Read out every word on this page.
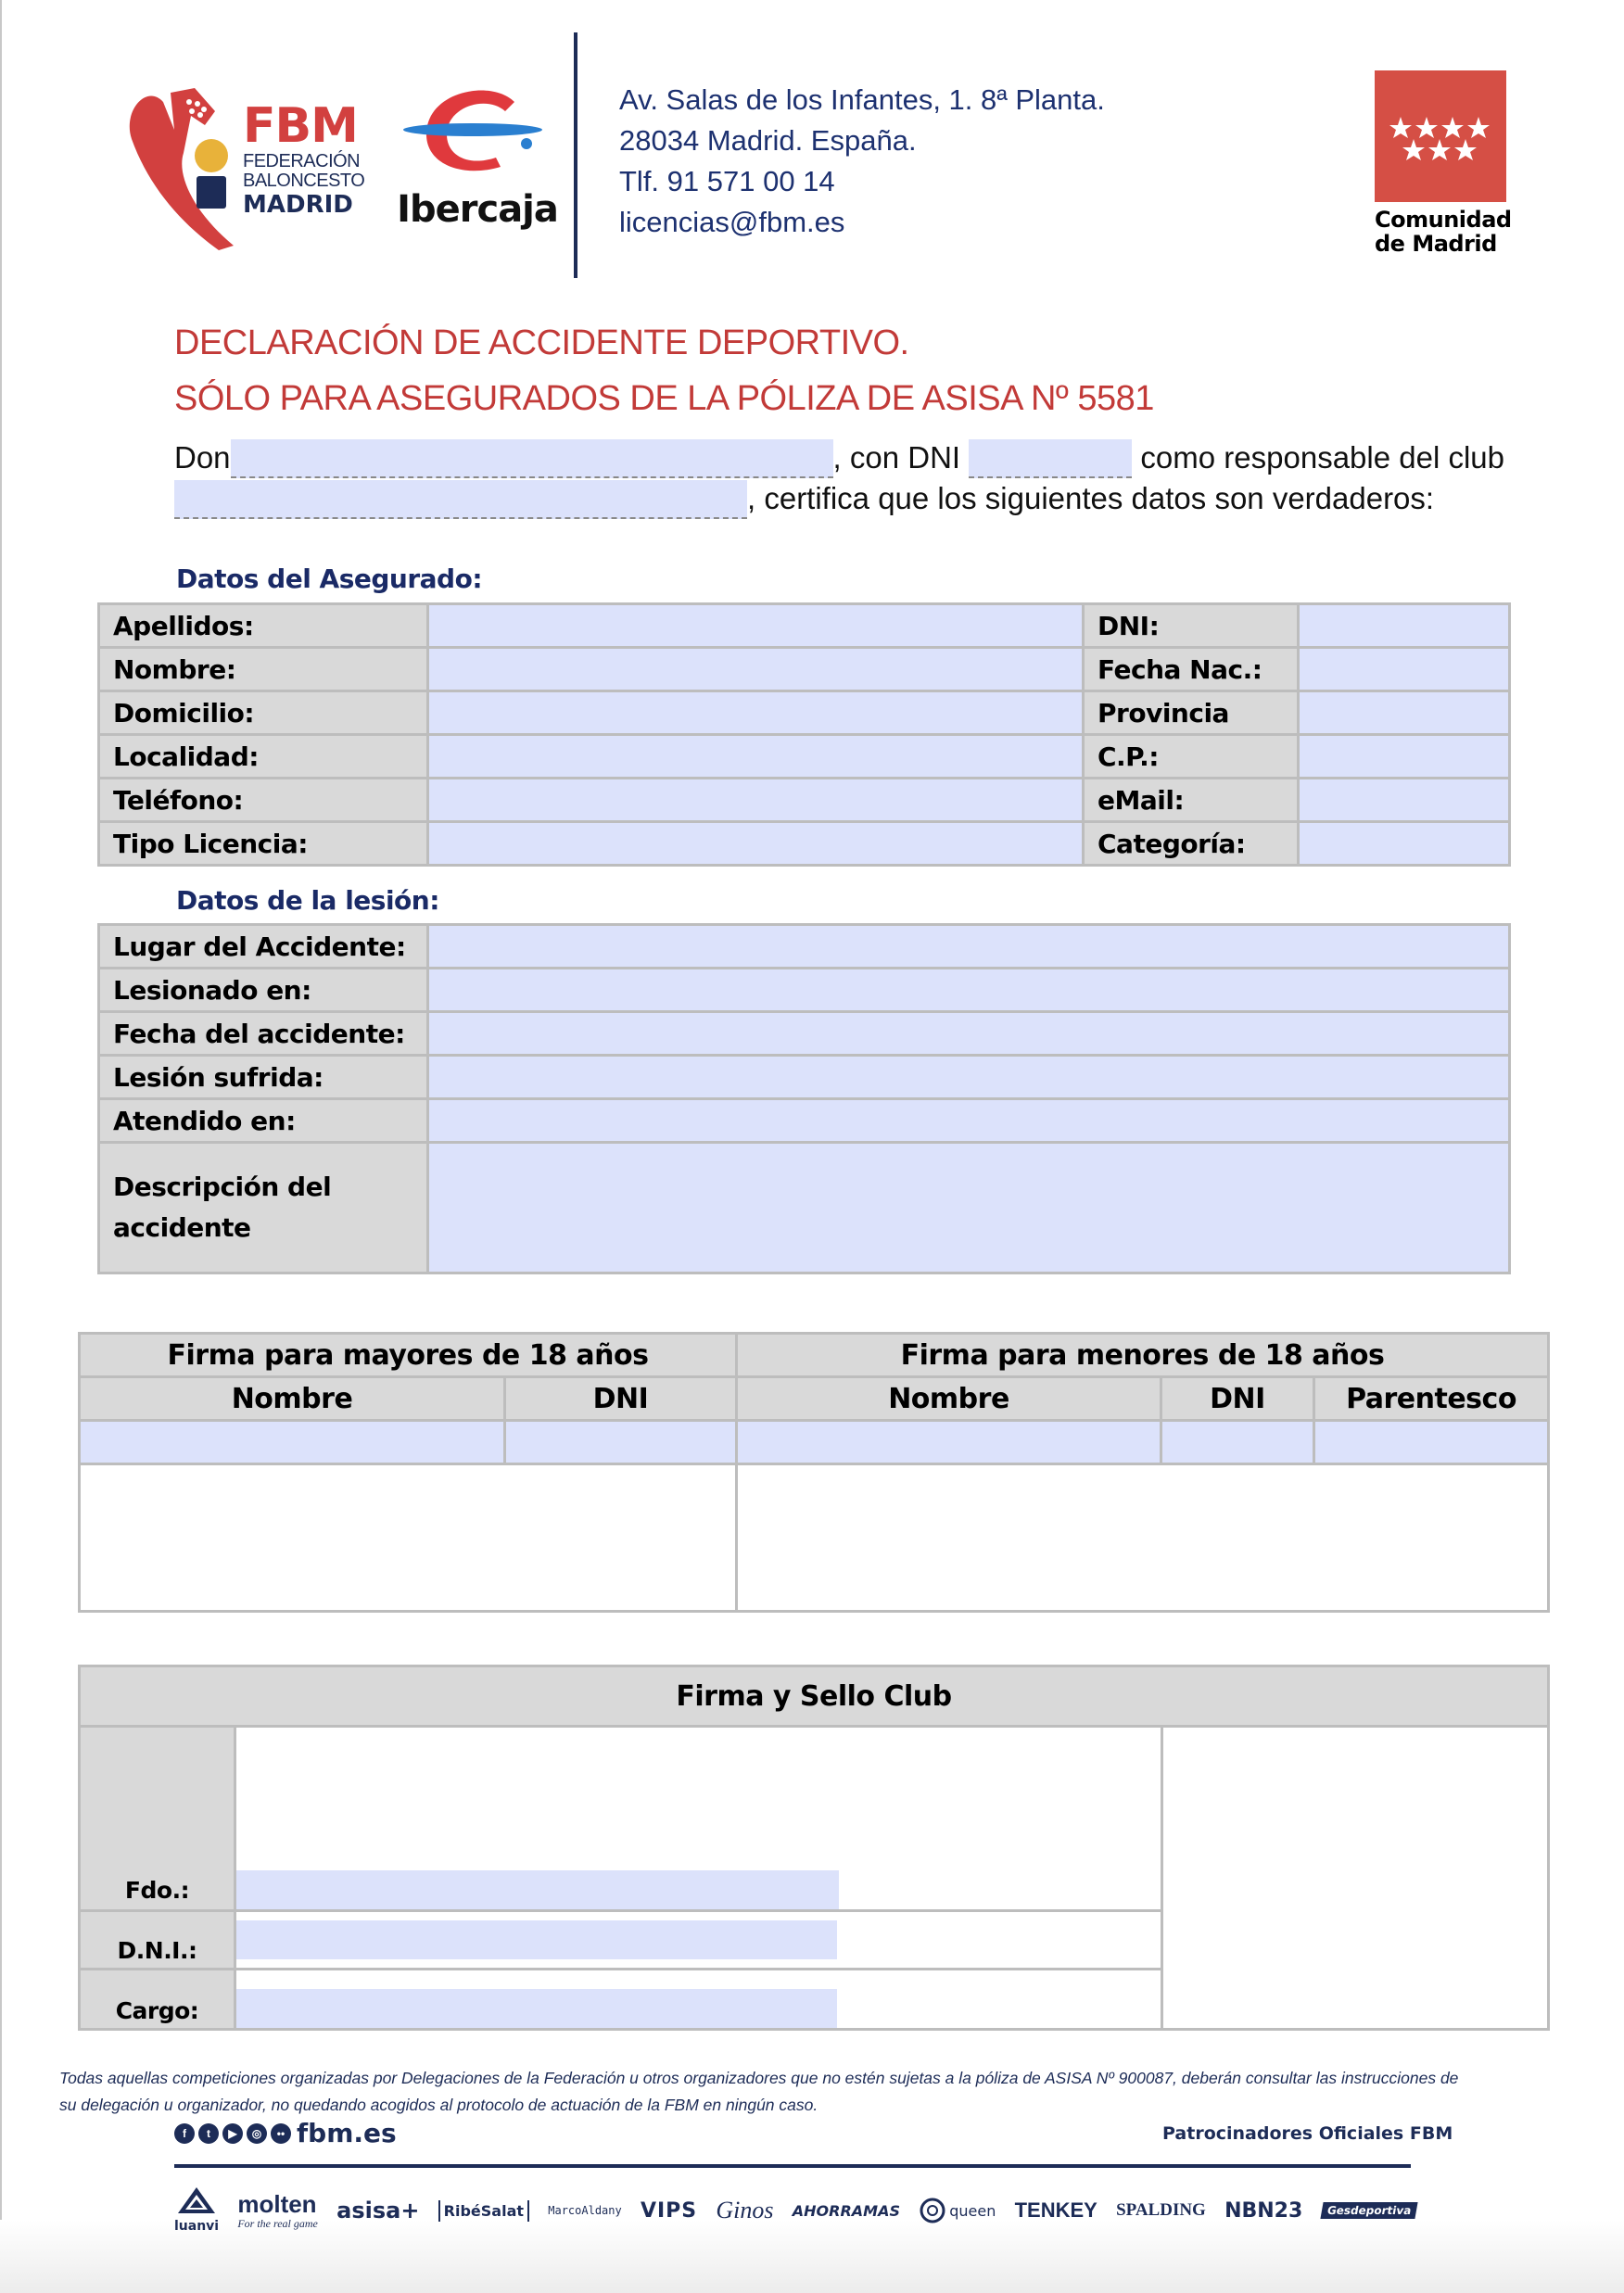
FBM
FEDERACIÓN
BALONCESTO
MADRID	Ibercaja
Av. Salas de los Infantes, 1. 8ª Planta.
28034 Madrid. España.
Tlf. 91 571 00 14
licencias@fbm.es	Comunidad
de Madrid
DECLARACIÓN DE ACCIDENTE DEPORTIVO.
SÓLO PARA ASEGURADOS DE LA PÓLIZA DE ASISA Nº 5581
Don	, con DNI	como responsable del club
, certifica que los siguientes datos son verdaderos:
Datos del Asegurado:
Apellidos:		DNI:	
Nombre:		Fecha Nac.:	
Domicilio:		Provincia	
Localidad:		C.P.:	
Teléfono:		eMail:	
Tipo Licencia:		Categoría:	
Datos de la lesión:
Lugar del Accidente:	
Lesionado en:	
Fecha del accidente:	
Lesión sufrida:	
Atendido en:	

Descripción del
accidente

Firma para mayores de 18 años		Firma para menores de 18 años		
Nombre	DNI	Nombre	DNI	Parentesco

Firma y Sello Club		
Fdo.:	

D.N.I.:	

Cargo:	
Todas aquellas competiciones organizadas por Delegaciones de la Federación u otros organizadores que no estén sujetas a la póliza de ASISA Nº 900087, deberán consultar las instrucciones de
su delegación u organizador, no quedando acogidos al protocolo de actuación de la FBM en ningún caso.
f	t	▶	◎	•• fbm.es	Patrocinadores Oficiales FBM
luanvi
molten
For the real game asisa+	RibéSalat	MarcoAldany VIPS Ginos AHORRAMAS	queen TENKEY SPALDING NBN23	Gesdeportiva
